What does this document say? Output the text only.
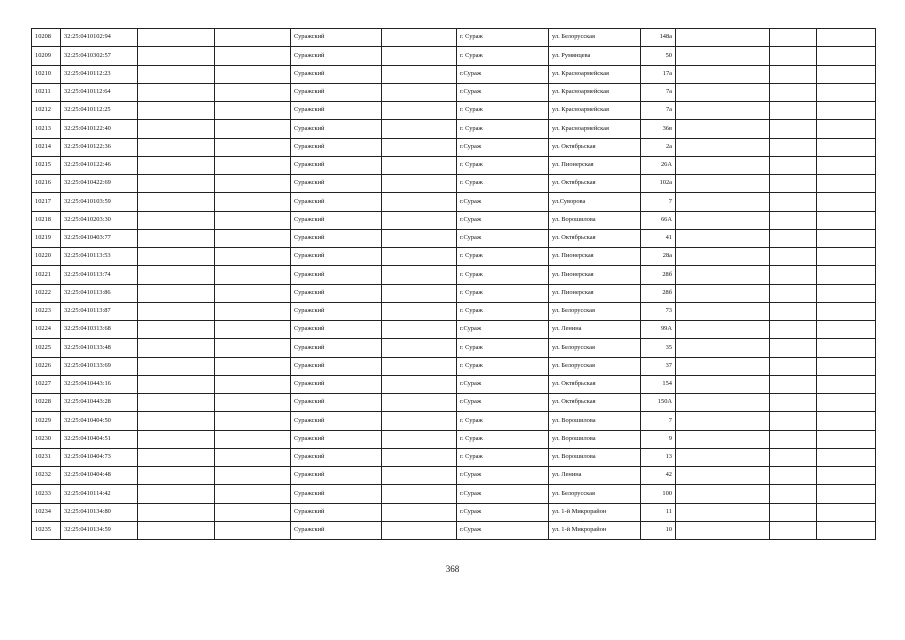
10208	32:25:0410102:94			Суражский		г. Сураж	ул. Белорусская	148а			
10209	32:25:0410302:57			Суражский		г. Сураж	ул. Румянцева	50			
10210	32:25:0410112:23			Суражский		г.Сураж	ул. Красноармейская	17а			
10211	32:25:0410112:64			Суражский		г.Сураж	ул. Красноармейская	7а			
10212	32:25:0410112:25			Суражский		г. Сураж	ул. Красноармейская	7а			
10213	32:25:0410122:40			Суражский		г. Сураж	ул. Красноармейская	36в			
10214	32:25:0410122:36			Суражский		г.Сураж	ул. Октябрьская	2а			
10215	32:25:0410122:46			Суражский		г. Сураж	ул. Пионерская	26А			
10216	32:25:0410422:69			Суражский		г. Сураж	ул. Октябрьская	102а			
10217	32:25:0410103:59			Суражский		г.Сураж	ул.Суворова	7			
10218	32:25:0410203:30			Суражский		г.Сураж	ул. Ворошилова	66А			
10219	32:25:0410403:77			Суражский		г.Сураж	ул. Октябрьская	41			
10220	32:25:0410113:53			Суражский		г. Сураж	ул. Пионерская	28а			
10221	32:25:0410113:74			Суражский		г. Сураж	ул. Пионерская	28б			
10222	32:25:0410113:86			Суражский		г. Сураж	ул. Пионерская	28б			
10223	32:25:0410113:87			Суражский		г. Сураж	ул. Белорусская	73			
10224	32:25:0410313:68			Суражский		г.Сураж	ул. Ленина	99А			
10225	32:25:0410133:48			Суражский		г. Сураж	ул. Белорусская	35			
10226	32:25:0410133:69			Суражский		г. Сураж	ул. Белорусская	37			
10227	32:25:0410443:16			Суражский		г.Сураж	ул. Октябрьская	154			
10228	32:25:0410443:28			Суражский		г.Сураж	ул. Октябрьская	150А			
10229	32:25:0410404:50			Суражский		г. Сураж	ул. Ворошилова	7			
10230	32:25:0410404:51			Суражский		г. Сураж	ул. Ворошилова	9			
10231	32:25:0410404:73			Суражский		г. Сураж	ул. Ворошилова	13			
10232	32:25:0410404:48			Суражский		г.Сураж	ул. Ленина	42			
10233	32:25:0410114:42			Суражский		г.Сураж	ул. Белорусская	100			
10234	32:25:0410134:80			Суражский		г.Сураж	ул. 1-й Микрорайон	11			
10235	32:25:0410134:59			Суражский		г.Сураж	ул. 1-й Микрорайон	10			
368
